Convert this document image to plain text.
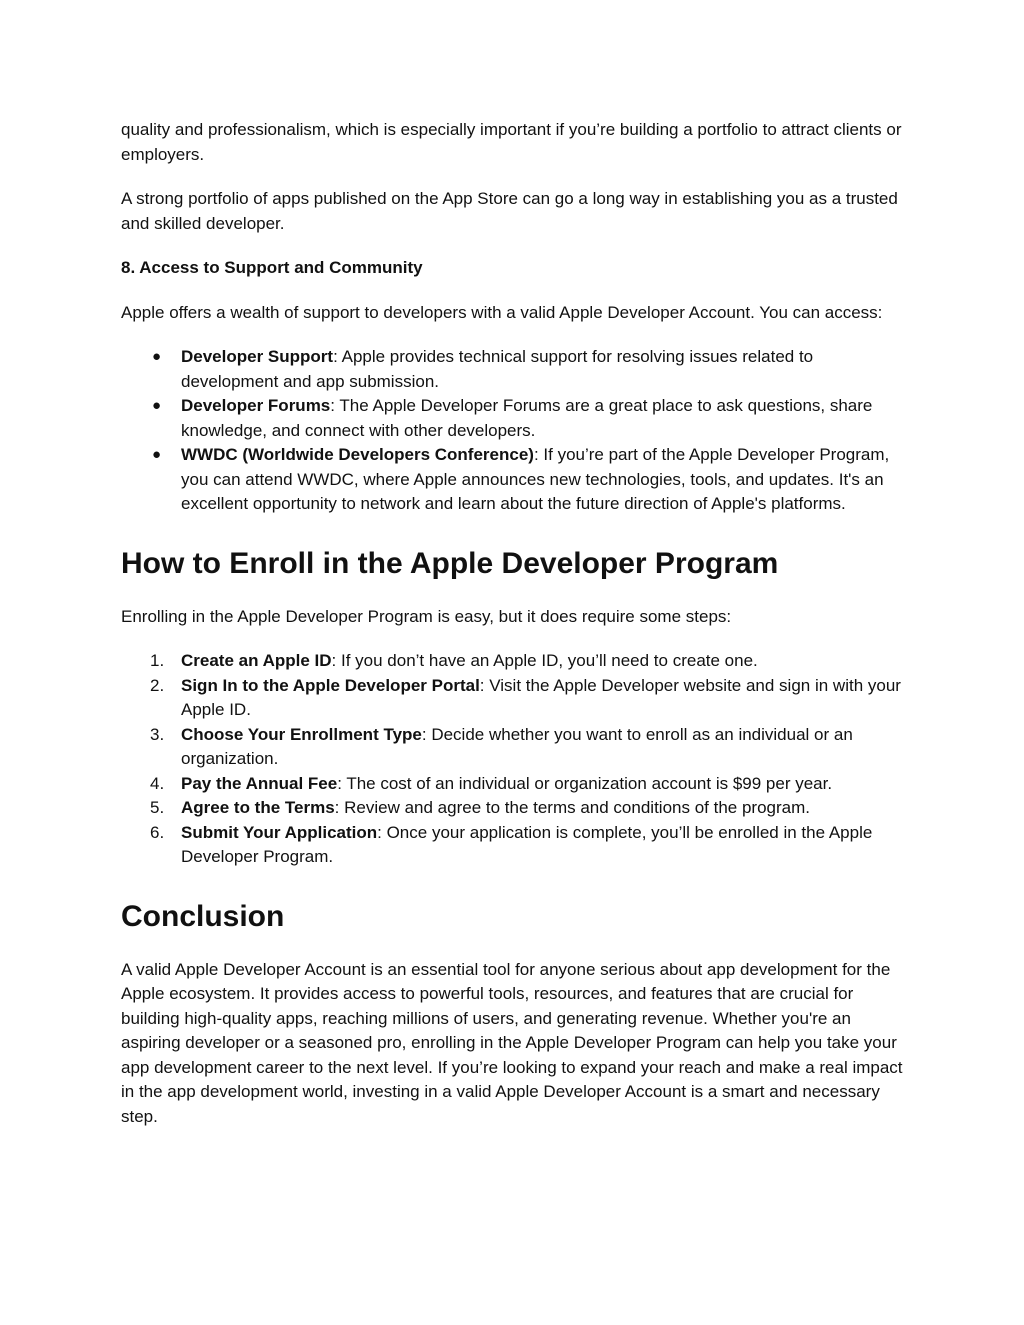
quality and professionalism, which is especially important if you’re building a portfolio to attract clients or employers.

A strong portfolio of apps published on the App Store can go a long way in establishing you as a trusted and skilled developer.

8. Access to Support and Community

Apple offers a wealth of support to developers with a valid Apple Developer Account. You can access:

●	Developer Support: Apple provides technical support for resolving issues related to development and app submission.
●	Developer Forums: The Apple Developer Forums are a great place to ask questions, share knowledge, and connect with other developers.
●	WWDC (Worldwide Developers Conference): If you’re part of the Apple Developer Program, you can attend WWDC, where Apple announces new technologies, tools, and updates. It's an excellent opportunity to network and learn about the future direction of Apple's platforms.
How to Enroll in the Apple Developer Program

Enrolling in the Apple Developer Program is easy, but it does require some steps:

1. Create an Apple ID: If you don’t have an Apple ID, you’ll need to create one.
2. Sign In to the Apple Developer Portal: Visit the Apple Developer website and sign in with your Apple ID.
3. Choose Your Enrollment Type: Decide whether you want to enroll as an individual or an organization.
4. Pay the Annual Fee: The cost of an individual or organization account is $99 per year.
5. Agree to the Terms: Review and agree to the terms and conditions of the program.
6. Submit Your Application: Once your application is complete, you’ll be enrolled in the Apple Developer Program.
Conclusion

A valid Apple Developer Account is an essential tool for anyone serious about app development for the Apple ecosystem. It provides access to powerful tools, resources, and features that are crucial for building high-quality apps, reaching millions of users, and generating revenue. Whether you're an aspiring developer or a seasoned pro, enrolling in the Apple Developer Program can help you take your app development career to the next level. If you’re looking to expand your reach and make a real impact in the app development world, investing in a valid Apple Developer Account is a smart and necessary step.
